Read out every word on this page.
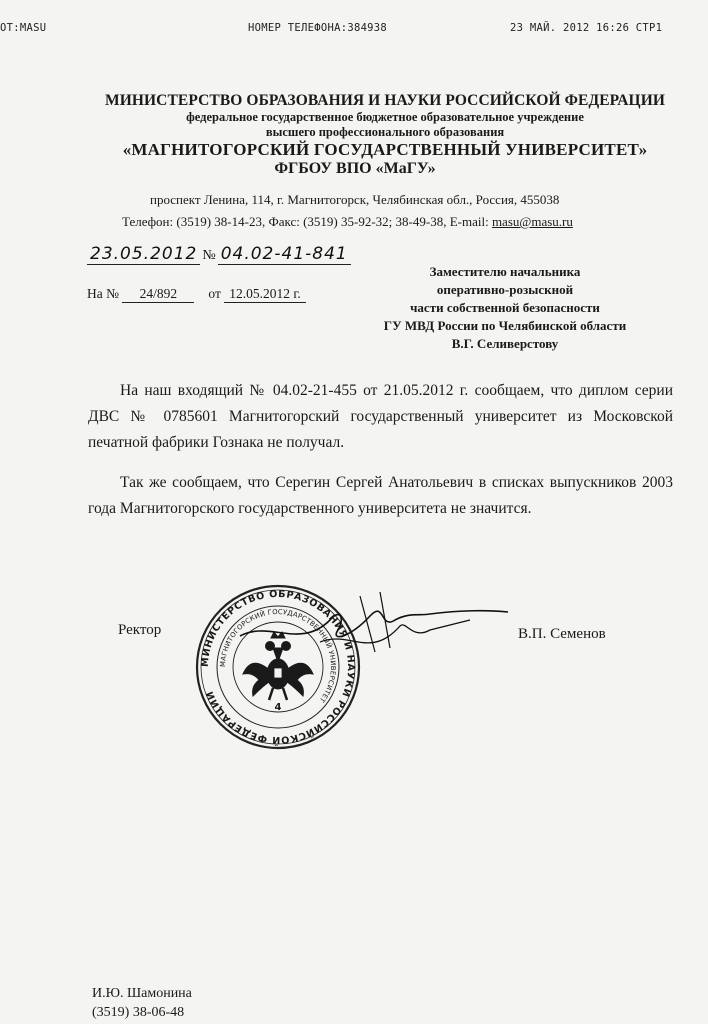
OT:MASU	НОМЕР ТЕЛЕФОНА:384938	23 МАЙ. 2012 16:26 СТР1
МИНИСТЕРСТВО ОБРАЗОВАНИЯ И НАУКИ РОССИЙСКОЙ ФЕДЕРАЦИИ
федеральное государственное бюджетное образовательное учреждение
высшего профессионального образования
«МАГНИТОГОРСКИЙ ГОСУДАРСТВЕННЫЙ УНИВЕРСИТЕТ»
ФГБОУ ВПО «МаГУ»
проспект Ленина, 114, г. Магнитогорск, Челябинская обл., Россия, 455038
Телефон: (3519) 38-14-23, Факс: (3519) 35-92-32; 38-49-38, E-mail: masu@masu.ru
23.05.2012 № 04.02-41-841
На № 24/892 от 12.05.2012 г.
Заместителю начальника
оперативно-розыскной
части собственной безопасности
ГУ МВД России по Челябинской области
В.Г. Селиверстову
На наш входящий № 04.02-21-455 от 21.05.2012 г. сообщаем, что диплом серии ДВС № 0785601 Магнитогорский государственный университет из Московской печатной фабрики Гознака не получал.
Так же сообщаем, что Серегин Сергей Анатольевич в списках выпускников 2003 года Магнитогорского государственного университета не значится.
МИНИСТЕРСТВО ОБРАЗОВАНИЯ И НАУКИ РОССИЙСКОЙ ФЕДЕРАЦИИ
МАГНИТОГОРСКИЙ ГОСУДАРСТВЕННЫЙ УНИВЕРСИТЕТ
4
Ректор	В.П. Семенов
И.Ю. Шамонина
(3519) 38-06-48
